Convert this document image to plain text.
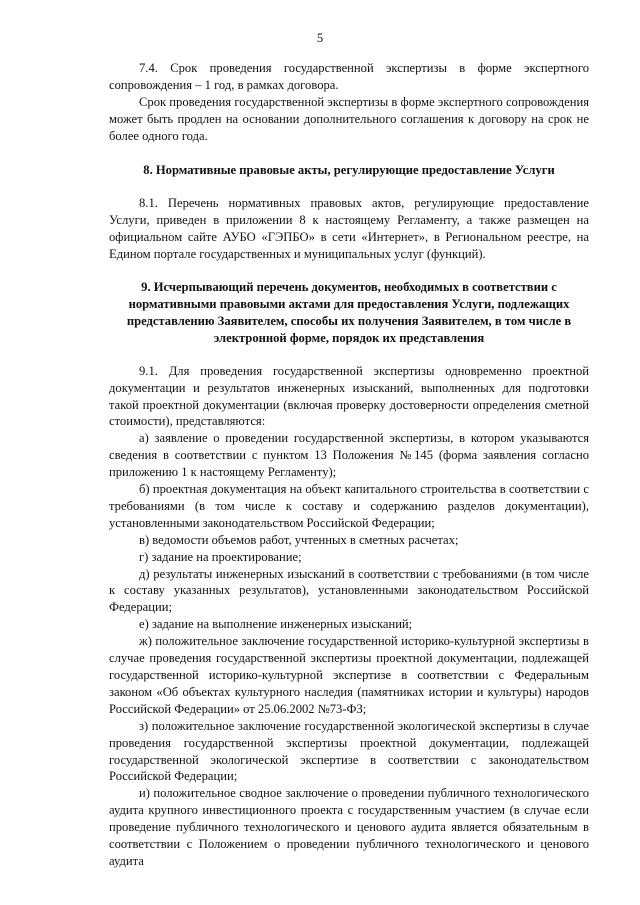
5

7.4. Срок проведения государственной экспертизы в форме экспертного сопровождения – 1 год, в рамках договора.

Срок проведения государственной экспертизы в форме экспертного сопровождения может быть продлен на основании дополнительного соглашения к договору на срок не более одного года.

8. Нормативные правовые акты, регулирующие предоставление Услуги

8.1. Перечень нормативных правовых актов, регулирующие предоставление Услуги, приведен в приложении 8 к настоящему Регламенту, а также размещен на официальном сайте АУБО «ГЭПБО» в сети «Интернет», в Региональном реестре, на Едином портале государственных и муниципальных услуг (функций).

9. Исчерпывающий перечень документов, необходимых в соответствии с нормативными правовыми актами для предоставления Услуги, подлежащих представлению Заявителем, способы их получения Заявителем, в том числе в электронной форме, порядок их представления

9.1. Для проведения государственной экспертизы одновременно проектной документации и результатов инженерных изысканий, выполненных для подготовки такой проектной документации (включая проверку достоверности определения сметной стоимости), представляются:

а) заявление о проведении государственной экспертизы, в котором указываются сведения в соответствии с пунктом 13 Положения №145 (форма заявления согласно приложению 1 к настоящему Регламенту);

б) проектная документация на объект капитального строительства в соответствии с требованиями (в том числе к составу и содержанию разделов документации), установленными законодательством Российской Федерации;

в) ведомости объемов работ, учтенных в сметных расчетах;

г) задание на проектирование;

д) результаты инженерных изысканий в соответствии с требованиями (в том числе к составу указанных результатов), установленными законодательством Российской Федерации;

е) задание на выполнение инженерных изысканий;

ж) положительное заключение государственной историко-культурной экспертизы в случае проведения государственной экспертизы проектной документации, подлежащей государственной историко-культурной экспертизе в соответствии с Федеральным законом «Об объектах культурного наследия (памятниках истории и культуры) народов Российской Федерации» от 25.06.2002 №73-ФЗ;

з) положительное заключение государственной экологической экспертизы в случае проведения государственной экспертизы проектной документации, подлежащей государственной экологической экспертизе в соответствии с законодательством Российской Федерации;

и) положительное сводное заключение о проведении публичного технологического аудита крупного инвестиционного проекта с государственным участием (в случае если проведение публичного технологического и ценового аудита является обязательным в соответствии с Положением о проведении публичного технологического и ценового аудита
